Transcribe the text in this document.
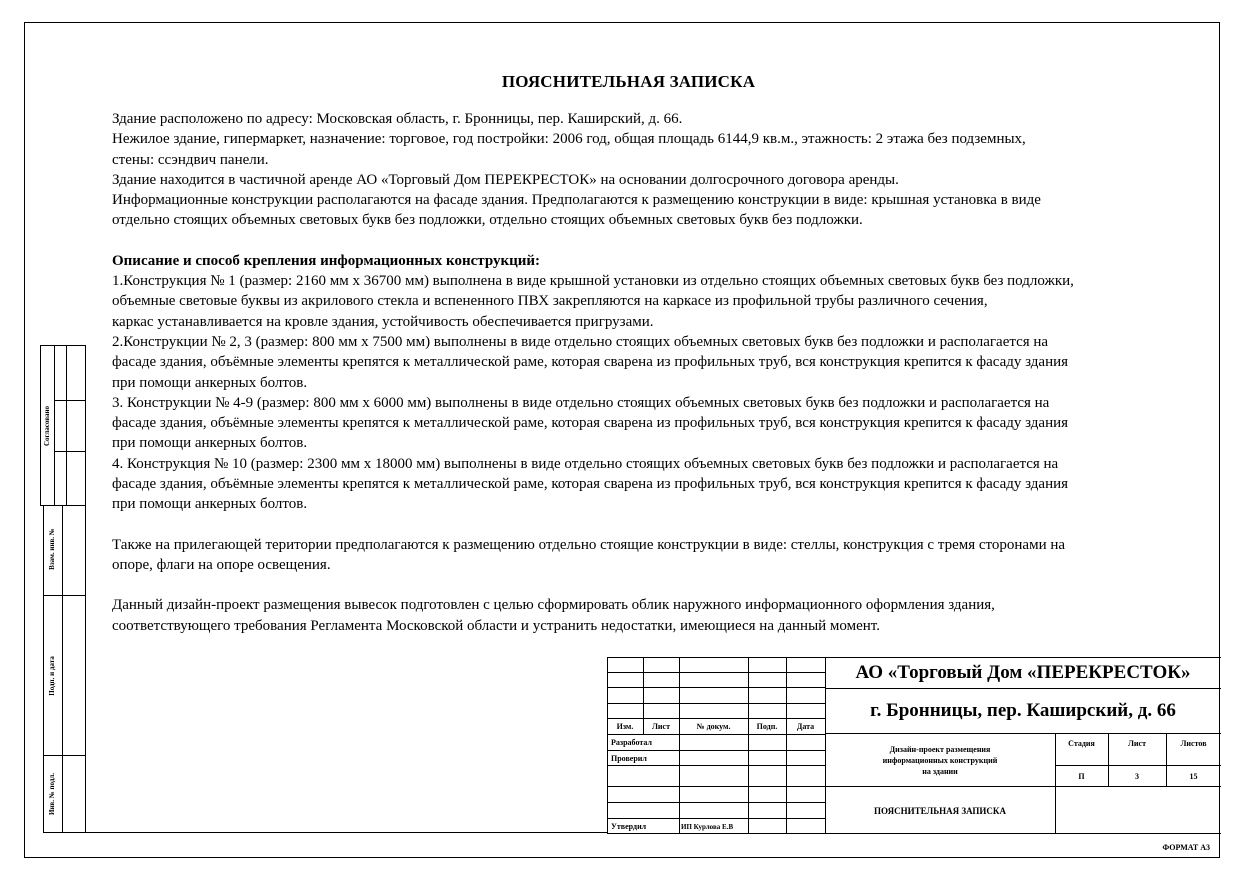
ПОЯСНИТЕЛЬНАЯ ЗАПИСКА

Здание расположено по адресу: Московская область, г. Бронницы, пер. Каширский, д. 66.

Нежилое здание, гипермаркет, назначение: торговое, год постройки: 2006 год, общая площадь 6144,9 кв.м., этажность: 2 этажа без подземных,

стены: ссэндвич панели.

Здание находится в частичной аренде АО «Торговый Дом ПЕРЕКРЕСТОК» на основании долгосрочного договора аренды.

Информационные конструкции располагаются на фасаде здания. Предполагаются к размещению конструкции в виде: крышная установка в виде

отдельно стоящих объемных световых букв без подложки, отдельно стоящих объемных световых букв без подложки.

Описание и способ крепления информационных конструкций:

1.Конструкция № 1 (размер: 2160 мм х 36700 мм) выполнена в виде крышной установки из отдельно стоящих объемных световых букв без подложки,

объемные световые буквы из акрилового стекла и вспененного ПВХ закрепляются на каркасе из профильной трубы различного сечения,

каркас устанавливается на кровле здания, устойчивость обеспечивается пригрузами.

2.Конструкции № 2, 3 (размер: 800 мм х 7500 мм) выполнены в виде отдельно стоящих объемных световых букв без подложки и располагается на

фасаде здания, объёмные элементы крепятся к металлической раме, которая сварена из профильных труб, вся конструкция крепится к фасаду здания

при помощи анкерных болтов.

3. Конструкции № 4-9 (размер: 800 мм х 6000 мм) выполнены в виде отдельно стоящих объемных световых букв без подложки и располагается на

фасаде здания, объёмные элементы крепятся к металлической раме, которая сварена из профильных труб, вся конструкция крепится к фасаду здания

при помощи анкерных болтов.

4. Конструкция № 10 (размер: 2300 мм х 18000 мм) выполнены в виде отдельно стоящих объемных световых букв без подложки и располагается на

фасаде здания, объёмные элементы крепятся к металлической раме, которая сварена из профильных труб, вся конструкция крепится к фасаду здания

при помощи анкерных болтов.

Также на прилегающей територии предполагаются к размещению отдельно стоящие конструкции в виде: стеллы, конструкция с тремя сторонами на

опоре, флаги на опоре освещения.

Данный дизайн-проект размещения вывесок подготовлен с целью сформировать облик наружного информационного оформления здания,

соответствующего требования Регламента Московской области и устранить недостатки, имеющиеся на данный момент.

Согласовано
Взам. инв. №
Подп. и дата
Инв. № подл.
Изм.	Лист	№ докум.	Подп.	Дата
Разработал
Проверил
Утвердил	ИП Курлова Е.В
АО «Торговый Дом «ПЕРЕКРЕСТОК»
г. Бронницы, пер. Каширский, д. 66
Дизайн-проект размещения
информационных конструкций
на здании
Стадия	Лист	Листов
П	3	15
ПОЯСНИТЕЛЬНАЯ ЗАПИСКА
ФОРМАТ А3
